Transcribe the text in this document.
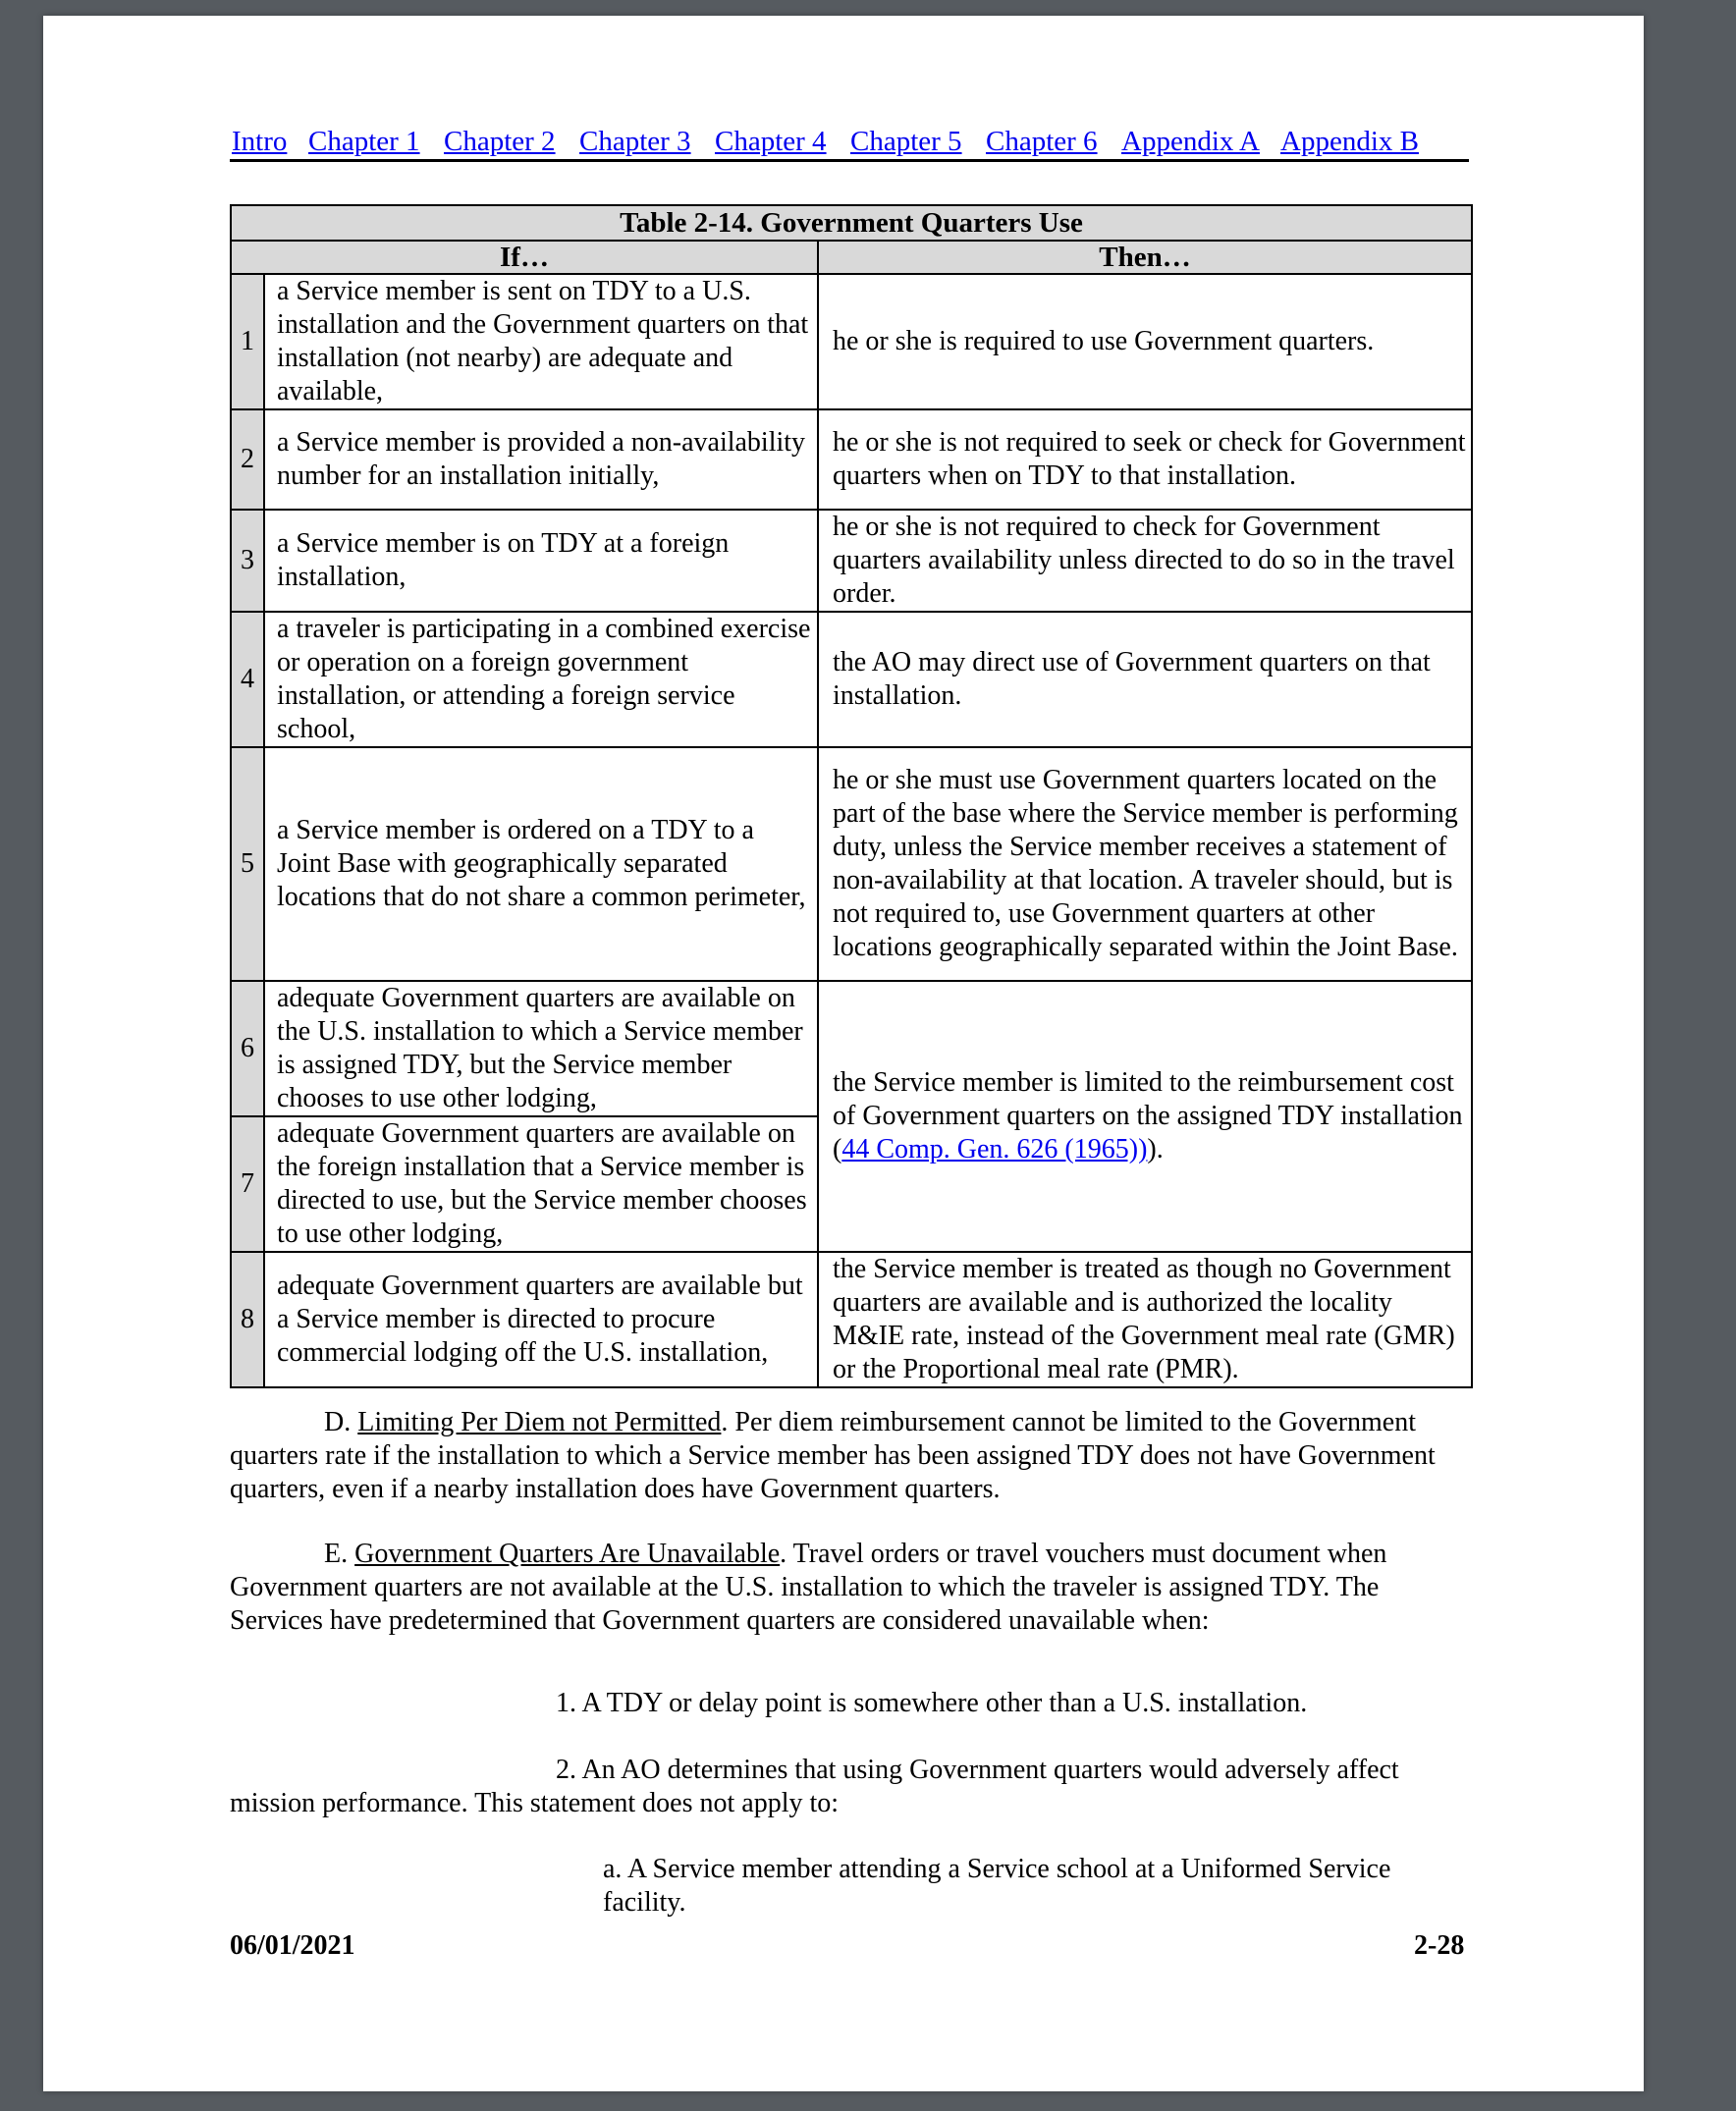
Intro Chapter 1 Chapter 2 Chapter 3 Chapter 4 Chapter 5 Chapter 6 Appendix A Appendix B
Table 2-14. Government Quarters Use		
If…		Then…
1	a Service member is sent on TDY to a U.S. installation and the Government quarters on that installation (not nearby) are adequate and available,	he or she is required to use Government quarters.
2	a Service member is provided a non-availability number for an installation initially,	he or she is not required to seek or check for Government quarters when on TDY to that installation.
3	a Service member is on TDY at a foreign installation,	he or she is not required to check for Government quarters availability unless directed to do so in the travel order.
4	a traveler is participating in a combined exercise or operation on a foreign government installation, or attending a foreign service school,	the AO may direct use of Government quarters on that installation.
5	a Service member is ordered on a TDY to a Joint Base with geographically separated locations that do not share a common perimeter,	he or she must use Government quarters located on the part of the base where the Service member is performing duty, unless the Service member receives a statement of non-availability at that location. A traveler should, but is not required to, use Government quarters at other locations geographically separated within the Joint Base.
6	adequate Government quarters are available on the U.S. installation to which a Service member is assigned TDY, but the Service member chooses to use other lodging,	the Service member is limited to the reimbursement cost of Government quarters on the assigned TDY installation (44 Comp. Gen. 626 (1965))).
7	adequate Government quarters are available on the foreign installation that a Service member is directed to use, but the Service member chooses to use other lodging,	
8	adequate Government quarters are available but a Service member is directed to procure commercial lodging off the U.S. installation,	the Service member is treated as though no Government quarters are available and is authorized the locality M&IE rate, instead of the Government meal rate (GMR) or the Proportional meal rate (PMR).
D. Limiting Per Diem not Permitted. Per diem reimbursement cannot be limited to the Government quarters rate if the installation to which a Service member has been assigned TDY does not have Government quarters, even if a nearby installation does have Government quarters.
E. Government Quarters Are Unavailable. Travel orders or travel vouchers must document when Government quarters are not available at the U.S. installation to which the traveler is assigned TDY. The Services have predetermined that Government quarters are considered unavailable when:
1. A TDY or delay point is somewhere other than a U.S. installation.
2. An AO determines that using Government quarters would adversely affect mission performance. This statement does not apply to:
a. A Service member attending a Service school at a Uniformed Service facility.
06/01/2021	2-28
